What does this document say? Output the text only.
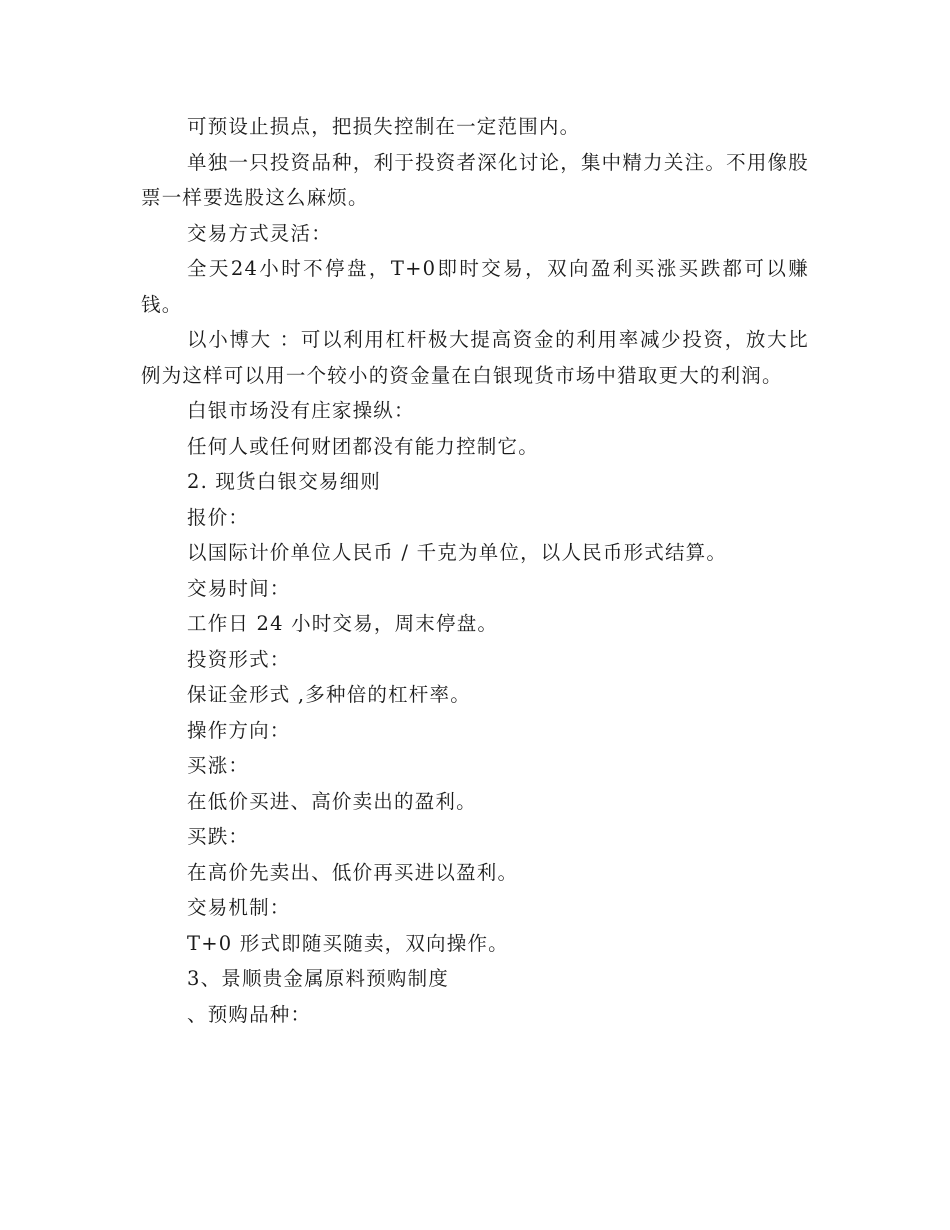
可预设止损点，把损失控制在一定范围内。

单独一只投资品种，利于投资者深化讨论，集中精力关注。不用像股票一样要选股这么麻烦。

交易方式灵活：

全天24小时不停盘，T+0即时交易，双向盈利买涨买跌都可以赚钱。

以小博大 ：可以利用杠杆极大提高资金的利用率减少投资，放大比例为这样可以用一个较小的资金量在白银现货市场中猎取更大的利润。

白银市场没有庄家操纵：

任何人或任何财团都没有能力控制它。

2. 现货白银交易细则

报价：

以国际计价单位人民币 / 千克为单位，以人民币形式结算。

交易时间：

工作日 24 小时交易，周末停盘。

投资形式：

保证金形式 ,多种倍的杠杆率。

操作方向：

买涨：

在低价买进、高价卖出的盈利。

买跌：

在高价先卖出、低价再买进以盈利。

交易机制：

T+0 形式即随买随卖，双向操作。

3、景顺贵金属原料预购制度

、预购品种：
